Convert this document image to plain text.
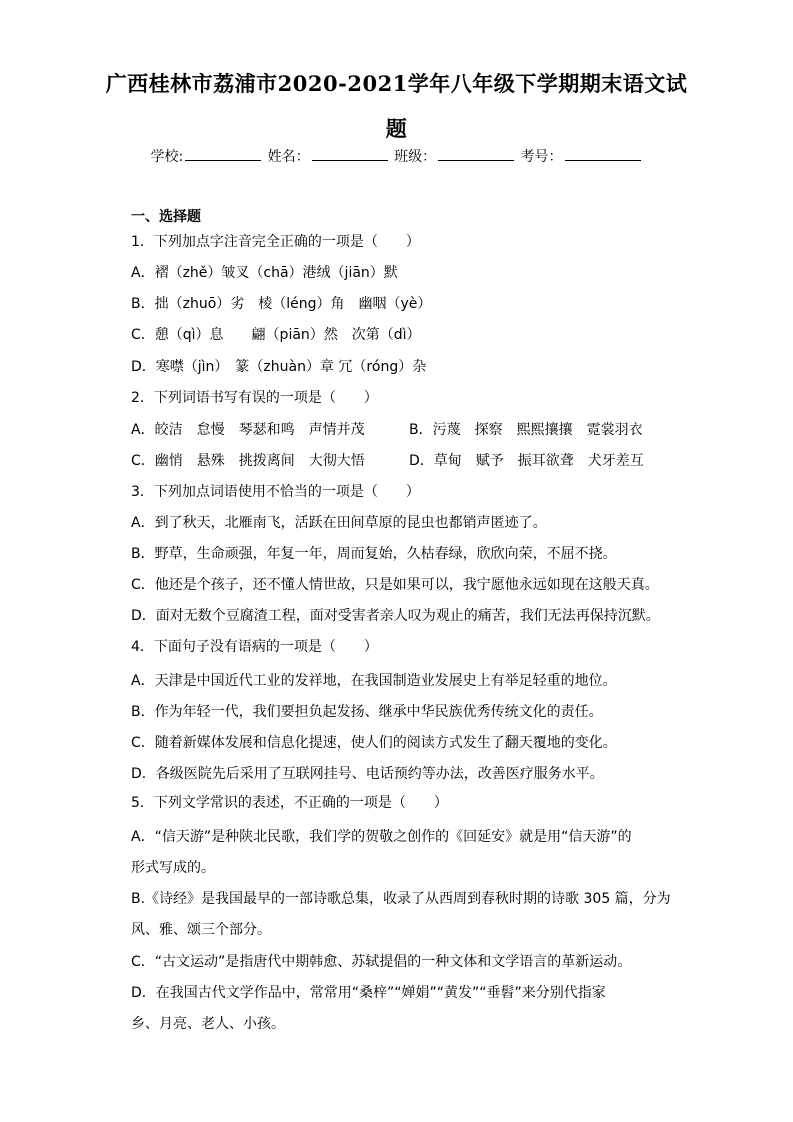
广西桂林市荔浦市2020-2021学年八年级下学期期末语文试
题
学校:	姓名：	班级：	考号：
一、选择题
1．下列加点字注音完全正确的一项是（　　）
A．褶（zhě）皱叉（chā）港绒（jiān）默
B．拙（zhuō）劣　棱（léng）角　幽咽（yè）
C．憩（qì）息　　翩（piān）然　次第（dì）
D．寒噤（jìn）　篆（zhuàn）章 冗（róng）杂
2．下列词语书写有误的一项是（　　）
A．皎洁　怠慢　琴瑟和鸣　声情并茂	B．污蔑　探察　熙熙攘攘　霓裳羽衣
C．幽悄　悬殊　挑拨离间　大彻大悟	D．草甸　赋予　振耳欲聋　犬牙差互
3．下列加点词语使用不恰当的一项是（　　）
A．到了秋天，北雁南飞，活跃在田间草原的昆虫也都销声匿迹了。
B．野草，生命顽强，年复一年，周而复始，久枯春绿，欣欣向荣，不屈不挠。
C．他还是个孩子，还不懂人情世故，只是如果可以，我宁愿他永远如现在这般天真。
D．面对无数个豆腐渣工程，面对受害者亲人叹为观止的痛苦，我们无法再保持沉默。
4．下面句子没有语病的一项是（　　）
A．天津是中国近代工业的发祥地，在我国制造业发展史上有举足轻重的地位。
B．作为年轻一代，我们要担负起发扬、继承中华民族优秀传统文化的责任。
C．随着新媒体发展和信息化提速，使人们的阅读方式发生了翻天覆地的变化。
D．各级医院先后采用了互联网挂号、电话预约等办法，改善医疗服务水平。
5．下列文学常识的表述，不正确的一项是（　　）
A．“信天游”是种陕北民歌，我们学的贺敬之创作的《回延安》就是用“信天游”的
形式写成的。
B.《诗经》是我国最早的一部诗歌总集，收录了从西周到春秋时期的诗歌 305 篇，分为
风、雅、颂三个部分。
C．“古文运动”是指唐代中期韩愈、苏轼提倡的一种文体和文学语言的革新运动。
D．在我国古代文学作品中，常常用“桑梓”“婵娟”“黄发”“垂髫”来分别代指家
乡、月亮、老人、小孩。
